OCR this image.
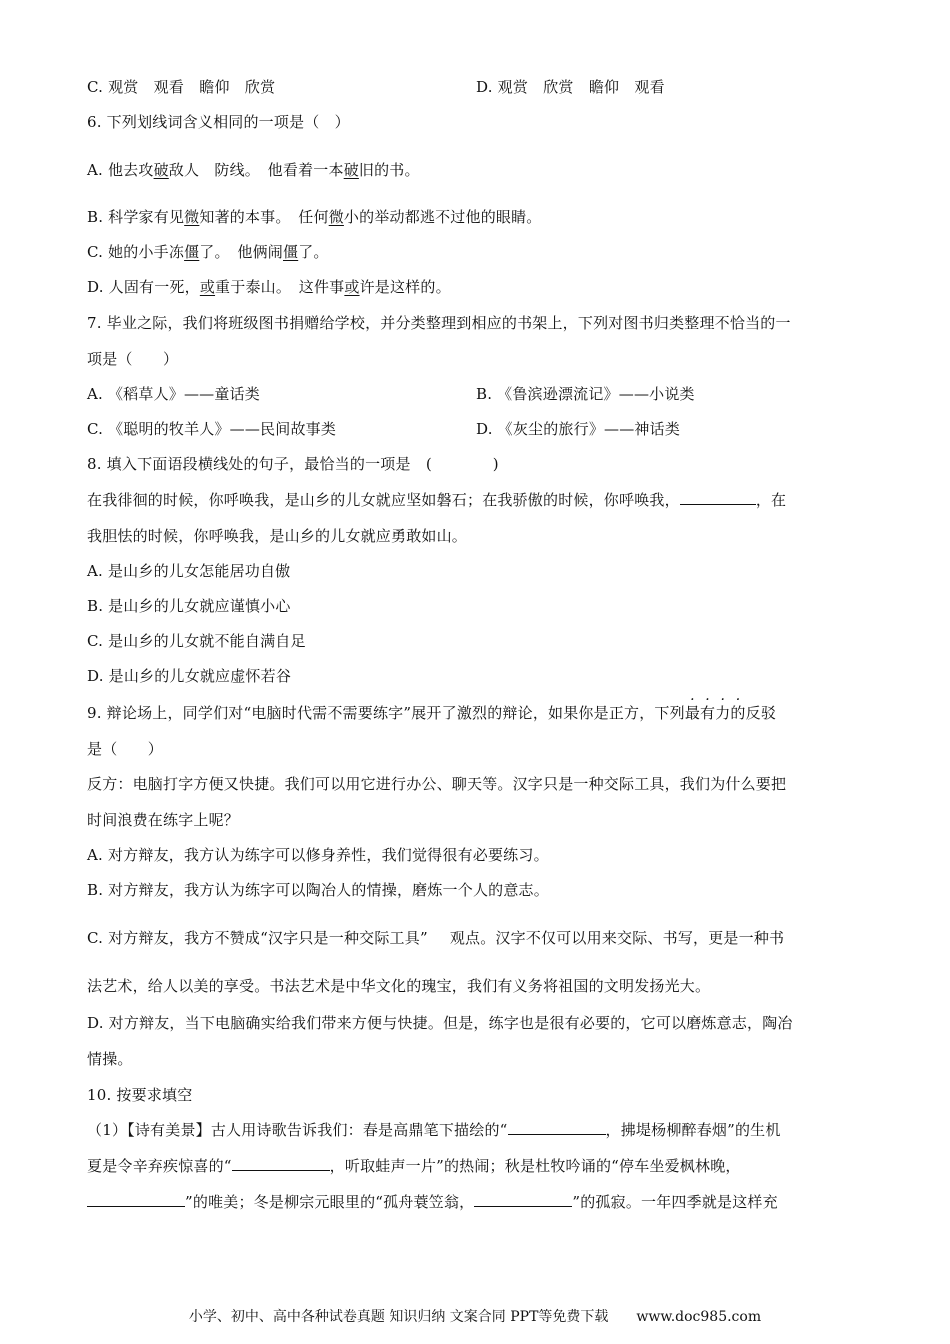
C. 观赏　观看　瞻仰　欣赏	D. 观赏　欣赏　瞻仰　观看
6. 下列划线词含义相同的一项是（　）
A. 他去攻破敌人　防线。　他看着一本破旧的书。
B. 科学家有见微知著的本事。　任何微小的举动都逃不过他的眼睛。
C. 她的小手冻僵了。　他俩闹僵了。
D. 人固有一死，或重于泰山。　这件事或许是这样的。
7. 毕业之际，我们将班级图书捐赠给学校，并分类整理到相应的书架上，下列对图书归类整理不恰当的一
项是（　　）
A. 《稻草人》——童话类	B. 《鲁滨逊漂流记》——小说类
C. 《聪明的牧羊人》——民间故事类	D. 《灰尘的旅行》——神话类
8. 填入下面语段横线处的句子，最恰当的一项是　(　　　　)
在我徘徊的时候，你呼唤我，是山乡的儿女就应坚如磐石；在我骄傲的时候，你呼唤我，	，在
我胆怯的时候，你呼唤我，是山乡的儿女就应勇敢如山。
A. 是山乡的儿女怎能居功自傲
B. 是山乡的儿女就应谨慎小心
C. 是山乡的儿女就不能自满自足
D. 是山乡的儿女就应虚怀若谷
9. 辩论场上，同学们对“电脑时代需不需要练字”展开了激烈的辩论，如果你是正方，下列
· · · ·
最有力的反驳
是（　　）
反方：电脑打字方便又快捷。我们可以用它进行办公、聊天等。汉字只是一种交际工具，我们为什么要把
时间浪费在练字上呢？
A. 对方辩友，我方认为练字可以修身养性，我们觉得很有必要练习。
B. 对方辩友，我方认为练字可以陶冶人的情操，磨炼一个人的意志。
C. 对方辩友，我方不赞成“汉字只是一种交际工具” 观点。汉字不仅可以用来交际、书写，更是一种书
法艺术，给人以美的享受。书法艺术是中华文化的瑰宝，我们有义务将祖国的文明发扬光大。
D. 对方辩友，当下电脑确实给我们带来方便与快捷。但是，练字也是很有必要的，它可以磨炼意志，陶冶
情操。
10. 按要求填空
（1）【诗有美景】古人用诗歌告诉我们：春是高鼎笔下描绘的“	，拂堤杨柳醉春烟”的生机
夏是令辛弃疾惊喜的“	，听取蛙声一片”的热闹；秋是杜牧吟诵的“停车坐爱枫林晚，
”的唯美；冬是柳宗元眼里的“孤舟蓑笠翁，	”的孤寂。一年四季就是这样充
小学、初中、高中各种试卷真题 知识归纳 文案合同 PPT等免费下载　　www.doc985.com
